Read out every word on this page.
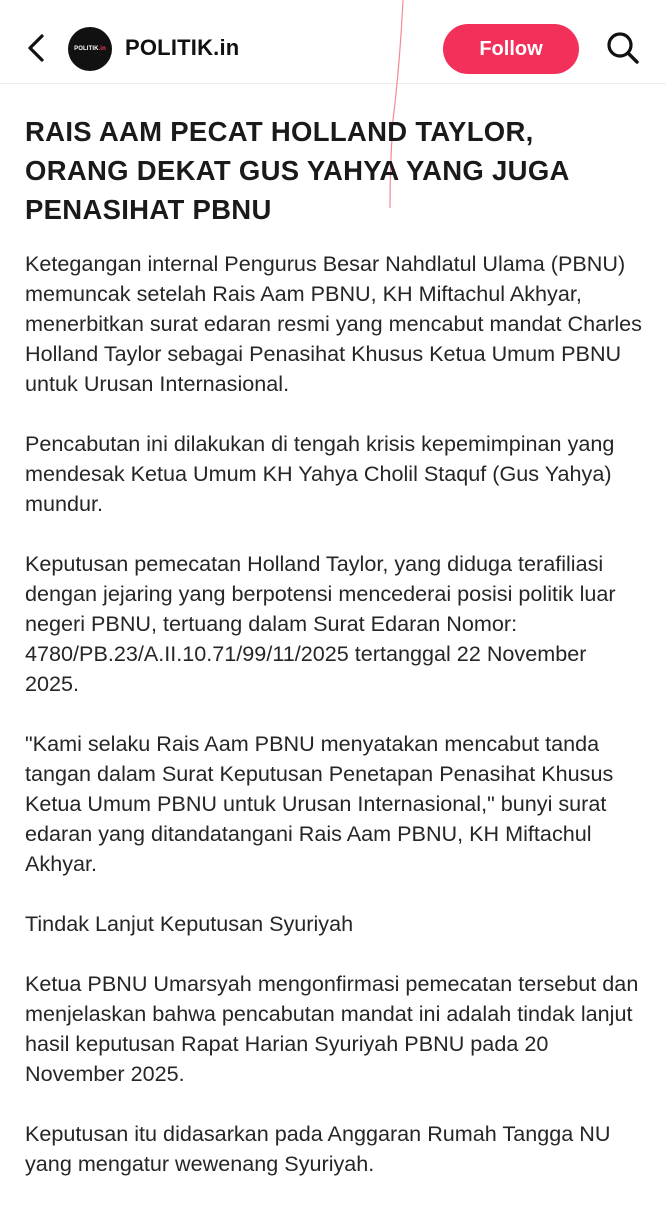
POLITIK.in POLITIK.in	Follow
RAIS AAM PECAT HOLLAND TAYLOR, ORANG DEKAT GUS YAHYA YANG JUGA PENASIHAT PBNU

Ketegangan internal Pengurus Besar Nahdlatul Ulama (PBNU) memuncak setelah Rais Aam PBNU, KH Miftachul Akhyar, menerbitkan surat edaran resmi yang mencabut mandat Charles Holland Taylor sebagai Penasihat Khusus Ketua Umum PBNU untuk Urusan Internasional.

Pencabutan ini dilakukan di tengah krisis kepemimpinan yang mendesak Ketua Umum KH Yahya Cholil Staquf (Gus Yahya) mundur.

Keputusan pemecatan Holland Taylor, yang diduga terafiliasi dengan jejaring yang berpotensi mencederai posisi politik luar negeri PBNU, tertuang dalam Surat Edaran Nomor: 4780/PB.23/A.II.10.71/99/11/2025 tertanggal 22 November 2025.

"Kami selaku Rais Aam PBNU menyatakan mencabut tanda tangan dalam Surat Keputusan Penetapan Penasihat Khusus Ketua Umum PBNU untuk Urusan Internasional," bunyi surat edaran yang ditandatangani Rais Aam PBNU, KH Miftachul Akhyar.

Tindak Lanjut Keputusan Syuriyah

Ketua PBNU Umarsyah mengonfirmasi pemecatan tersebut dan menjelaskan bahwa pencabutan mandat ini adalah tindak lanjut hasil keputusan Rapat Harian Syuriyah PBNU pada 20 November 2025.

Keputusan itu didasarkan pada Anggaran Rumah Tangga NU yang mengatur wewenang Syuriyah.
